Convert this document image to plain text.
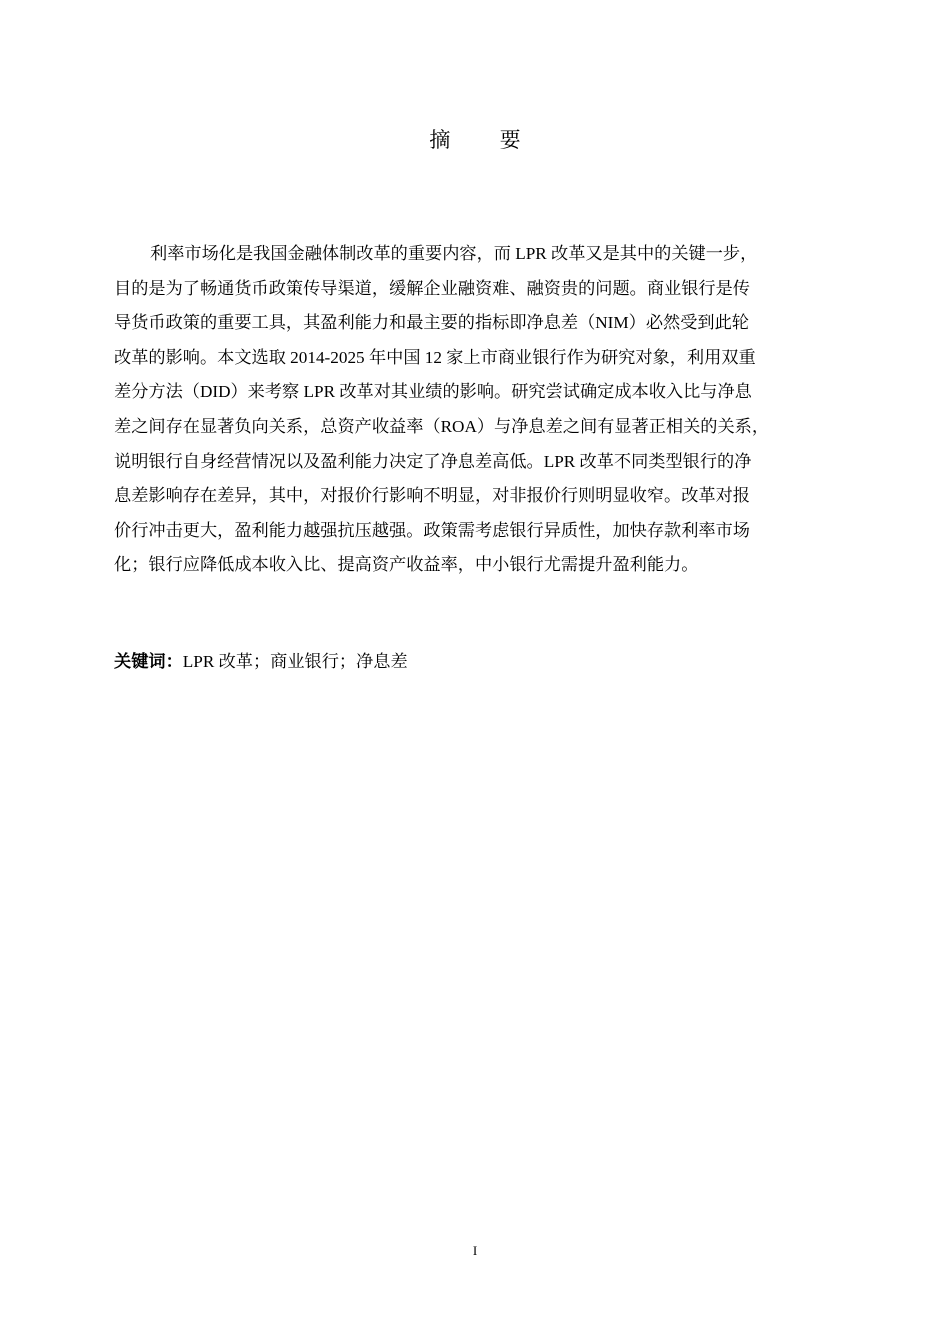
摘 要
利率市场化是我国金融体制改革的重要内容，而 LPR 改革又是其中的关键一步，
目的是为了畅通货币政策传导渠道，缓解企业融资难、融资贵的问题。商业银行是传
导货币政策的重要工具，其盈利能力和最主要的指标即净息差（NIM）必然受到此轮
改革的影响。本文选取 2014-2025 年中国 12 家上市商业银行作为研究对象，利用双重
差分方法（DID）来考察 LPR 改革对其业绩的影响。研究尝试确定成本收入比与净息
差之间存在显著负向关系，总资产收益率（ROA）与净息差之间有显著正相关的关系，
说明银行自身经营情况以及盈利能力决定了净息差高低。LPR 改革不同类型银行的净
息差影响存在差异，其中，对报价行影响不明显，对非报价行则明显收窄。改革对报
价行冲击更大，盈利能力越强抗压越强。政策需考虑银行异质性，加快存款利率市场
化；银行应降低成本收入比、提高资产收益率，中小银行尤需提升盈利能力。
关键词：LPR 改革；商业银行；净息差
I
